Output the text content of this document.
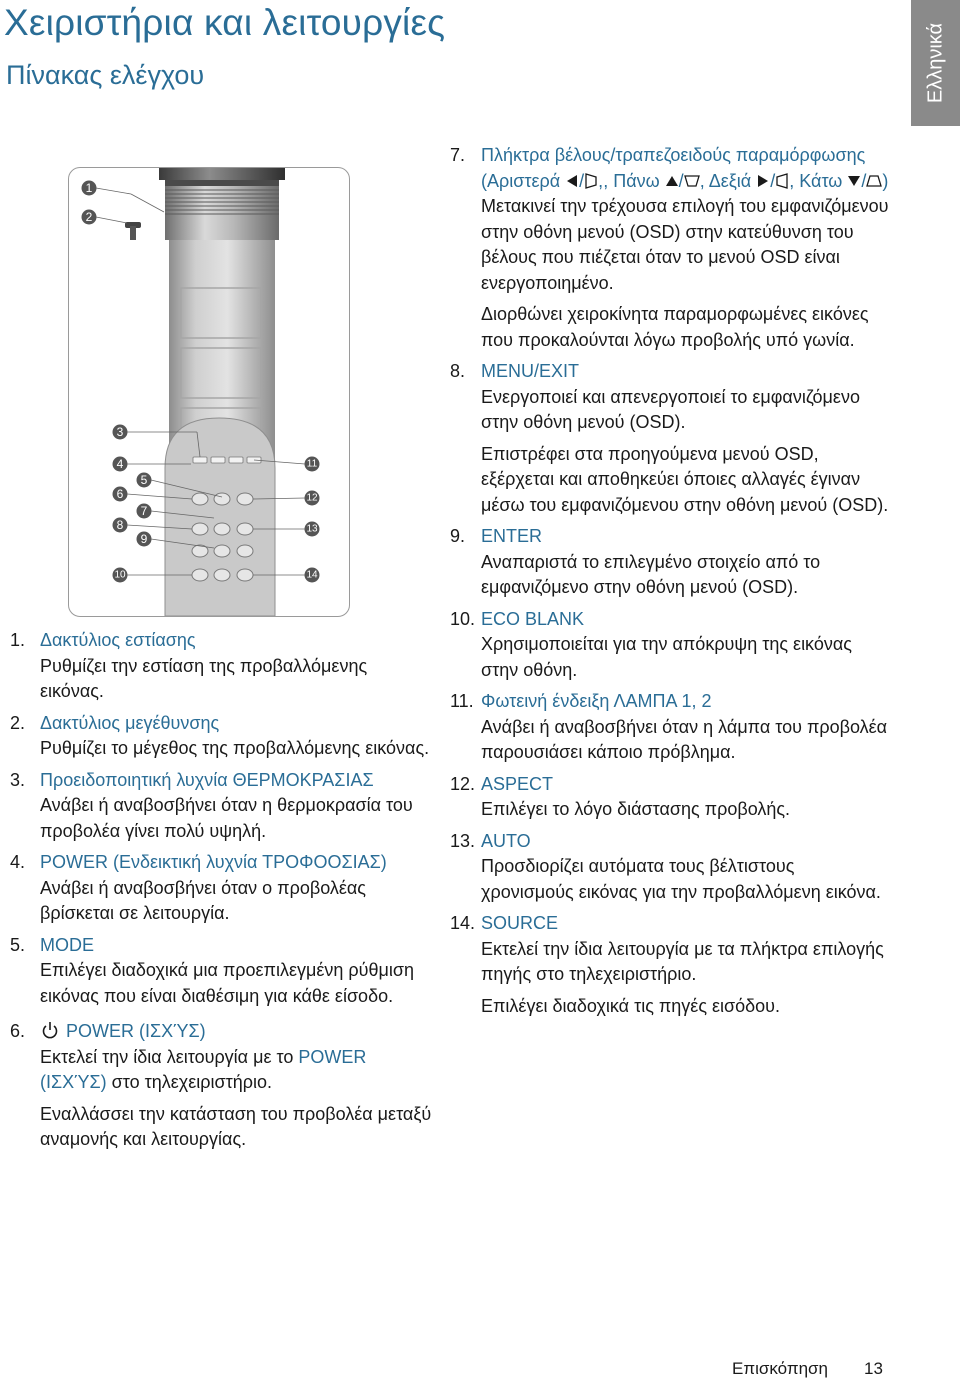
Χειριστήρια και λειτουργίες
Πίνακας ελέγχου	Ελληνικά
1
2
3
4
5
6
7
8
9
10
11
12
13
14
1. Δακτύλιος εστίασης
Ρυθμίζει την εστίαση της προβαλλόμενης εικόνας.
2. Δακτύλιος μεγέθυνσης
Ρυθμίζει το μέγεθος της προβαλλόμενης εικόνας.
3. Προειδοποιητική λυχνία ΘΕΡΜΟΚΡΑΣΙΑΣ
Ανάβει ή αναβοσβήνει όταν η θερμοκρασία του προβολέα γίνει πολύ υψηλή.
4. POWER (Ενδεικτική λυχνία ΤΡΟΦΟΟΣΙΑΣ)
Ανάβει ή αναβοσβήνει όταν ο προβολέας βρίσκεται σε λειτουργία.
5. MODE
Επιλέγει διαδοχικά μια προεπιλεγμένη ρύθμιση εικόνας που είναι διαθέσιμη για κάθε είσοδο.
6.	POWER (ΙΣΧΎΣ)
Εκτελεί την ίδια λειτουργία με το POWER (ΙΣΧΎΣ) στο τηλεχειριστήριο.
Εναλλάσσει την κατάσταση του προβολέα μεταξύ αναμονής και λειτουργίας.
7. Πλήκτρα βέλους/τραπεζοειδούς παραμόρφωσης (Αριστερά / ,, Πάνω / , Δεξιά / , Κάτω / )
Μετακινεί την τρέχουσα επιλογή του εμφανιζόμενου στην οθόνη μενού (OSD) στην κατεύθυνση του βέλους που πιέζεται όταν το μενού OSD είναι ενεργοποιημένο.
Διορθώνει χειροκίνητα παραμορφωμένες εικόνες που προκαλούνται λόγω προβολής υπό γωνία.
8. MENU/EXIT
Ενεργοποιεί και απενεργοποιεί το εμφανιζόμενο στην οθόνη μενού (OSD).
Επιστρέφει στα προηγούμενα μενού OSD, εξέρχεται και αποθηκεύει όποιες αλλαγές έγιναν μέσω του εμφανιζόμενου στην οθόνη μενού (OSD).
9. ENTER
Αναπαριστά το επιλεγμένο στοιχείο από το εμφανιζόμενο στην οθόνη μενού (OSD).
10. ECO BLANK
Χρησιμοποιείται για την απόκρυψη της εικόνας στην οθόνη.
11. Φωτεινή ένδειξη ΛΑΜΠΑ 1, 2
Ανάβει ή αναβοσβήνει όταν η λάμπα του προβολέα παρουσιάσει κάποιο πρόβλημα.
12. ASPECT
Επιλέγει το λόγο διάστασης προβολής.
13. AUTO
Προσδιορίζει αυτόματα τους βέλτιστους χρονισμούς εικόνας για την προβαλλόμενη εικόνα.
14. SOURCE
Εκτελεί την ίδια λειτουργία με τα πλήκτρα επιλογής πηγής στο τηλεχειριστήριο.
Επιλέγει διαδοχικά τις πηγές εισόδου.
Επισκόπηση 13
